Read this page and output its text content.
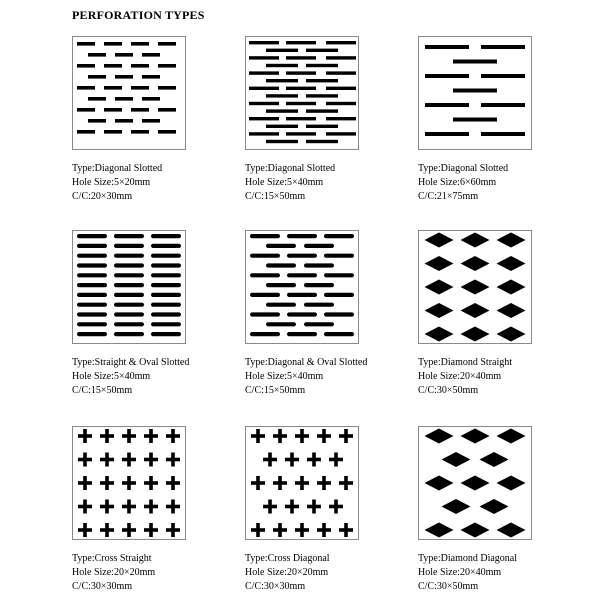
PERFORATION TYPES
Type:Diagonal Slotted
Hole Size:5×20mm
C/C:20×30mm
Type:Diagonal Slotted
Hole Size:5×40mm
C/C:15×50mm
Type:Diagonal Slotted
Hole Size:6×60mm
C/C:21×75mm
Type:Straight & Oval Slotted
Hole Size:5×40mm
C/C:15×50mm
Type:Diagonal & Oval Slotted
Hole Size:5×40mm
C/C:15×50mm
Type:Diamond Straight
Hole Size:20×40mm
C/C:30×50mm
Type:Cross Straight
Hole Size:20×20mm
C/C:30×30mm
Type:Cross Diagonal
Hole Size:20×20mm
C/C:30×30mm
Type:Diamond Diagonal
Hole Size:20×40mm
C/C:30×50mm
